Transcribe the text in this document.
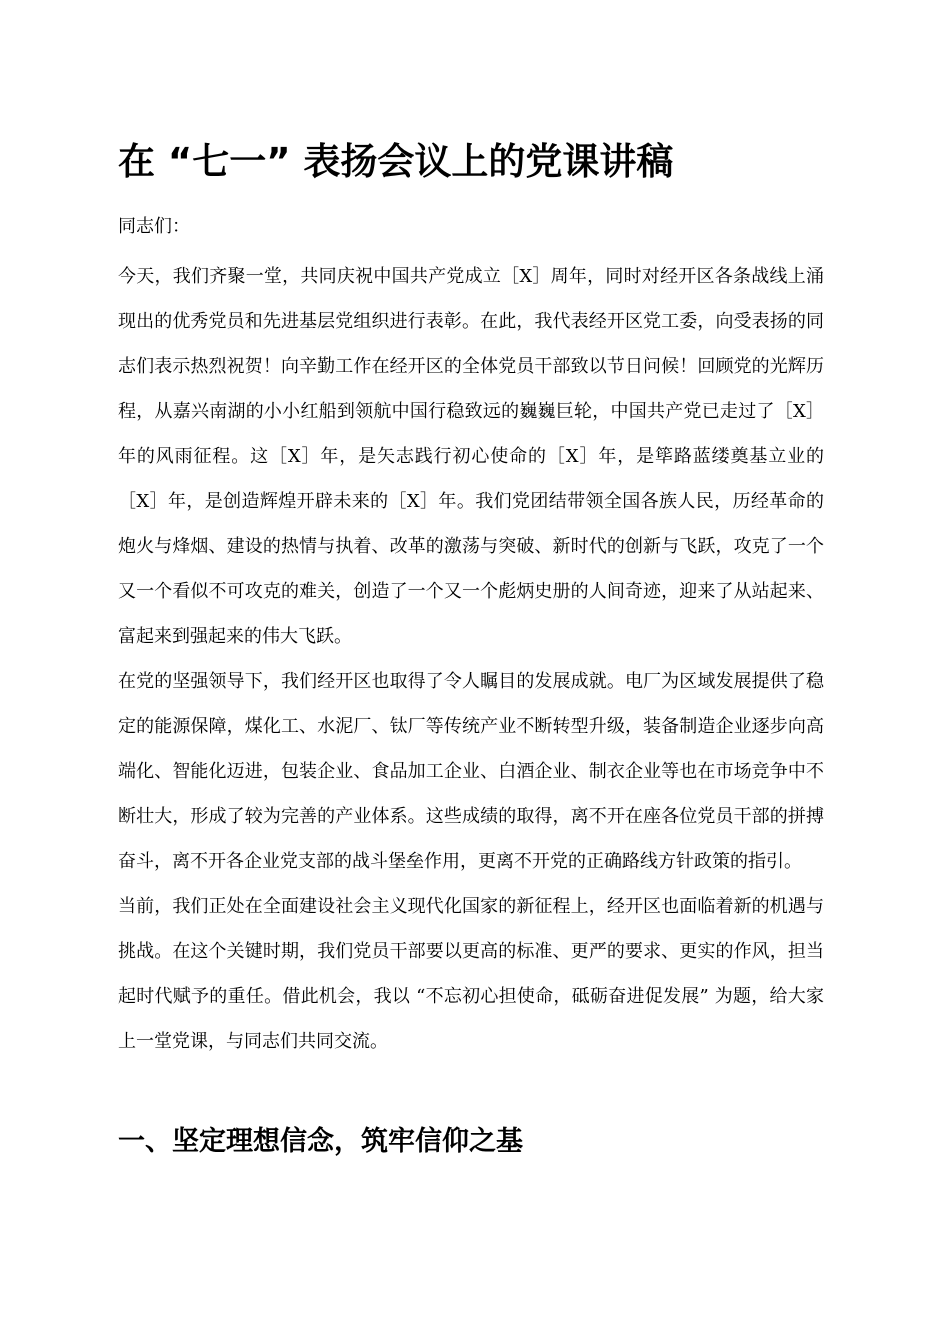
在 “七一” 表扬会议上的党课讲稿

同志们：

今天，我们齐聚一堂，共同庆祝中国共产党成立［X］周年，同时对经开区各条战线上涌现出的优秀党员和先进基层党组织进行表彰。在此，我代表经开区党工委，向受表扬的同志们表示热烈祝贺！向辛勤工作在经开区的全体党员干部致以节日问候！回顾党的光辉历程，从嘉兴南湖的小小红船到领航中国行稳致远的巍巍巨轮，中国共产党已走过了［X］年的风雨征程。这［X］年，是矢志践行初心使命的［X］年，是筚路蓝缕奠基立业的［X］年，是创造辉煌开辟未来的［X］年。我们党团结带领全国各族人民，历经革命的炮火与烽烟、建设的热情与执着、改革的激荡与突破、新时代的创新与飞跃，攻克了一个又一个看似不可攻克的难关，创造了一个又一个彪炳史册的人间奇迹，迎来了从站起来、富起来到强起来的伟大飞跃。

在党的坚强领导下，我们经开区也取得了令人瞩目的发展成就。电厂为区域发展提供了稳定的能源保障，煤化工、水泥厂、钛厂等传统产业不断转型升级，装备制造企业逐步向高端化、智能化迈进，包装企业、食品加工企业、白酒企业、制衣企业等也在市场竞争中不断壮大，形成了较为完善的产业体系。这些成绩的取得，离不开在座各位党员干部的拼搏奋斗，离不开各企业党支部的战斗堡垒作用，更离不开党的正确路线方针政策的指引。

当前，我们正处在全面建设社会主义现代化国家的新征程上，经开区也面临着新的机遇与挑战。在这个关键时期，我们党员干部要以更高的标准、更严的要求、更实的作风，担当起时代赋予的重任。借此机会，我以 “不忘初心担使命，砥砺奋进促发展” 为题，给大家上一堂党课，与同志们共同交流。

一、坚定理想信念，筑牢信仰之基
